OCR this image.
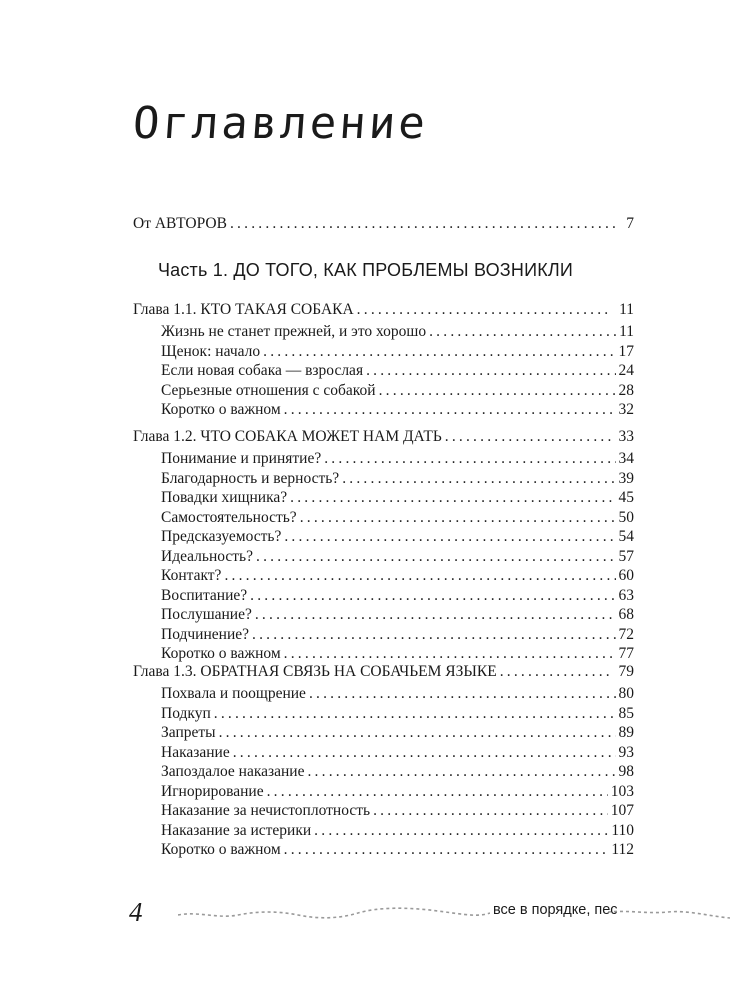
Оглавление
От АВТОРОВ .....	7
Часть 1. ДО ТОГО, КАК ПРОБЛЕМЫ ВОЗНИКЛИ
Глава 1.1. КТО ТАКАЯ СОБАКА .....	11
Жизнь не станет прежней, и это хорошо .....	11
Щенок: начало .....	17
Если новая собака — взрослая .....	24
Серьезные отношения с собакой .....	28
Коротко о важном .....	32
Глава 1.2. ЧТО СОБАКА МОЖЕТ НАМ ДАТЬ .....	33
Понимание и принятие? .....	34
Благодарность и верность? .....	39
Повадки хищника? .....	45
Самостоятельность? .....	50
Предсказуемость? .....	54
Идеальность? .....	57
Контакт? .....	60
Воспитание? .....	63
Послушание? .....	68
Подчинение? .....	72
Коротко о важном .....	77
Глава 1.3. ОБРАТНАЯ СВЯЗЬ НА СОБАЧЬЕМ ЯЗЫКЕ .....	79
Похвала и поощрение .....	80
Подкуп .....	85
Запреты .....	89
Наказание .....	93
Запоздалое наказание .....	98
Игнорирование .....	103
Наказание за нечистоплотность .....	107
Наказание за истерики .....	110
Коротко о важном .....	112
4	все в порядке, пес
